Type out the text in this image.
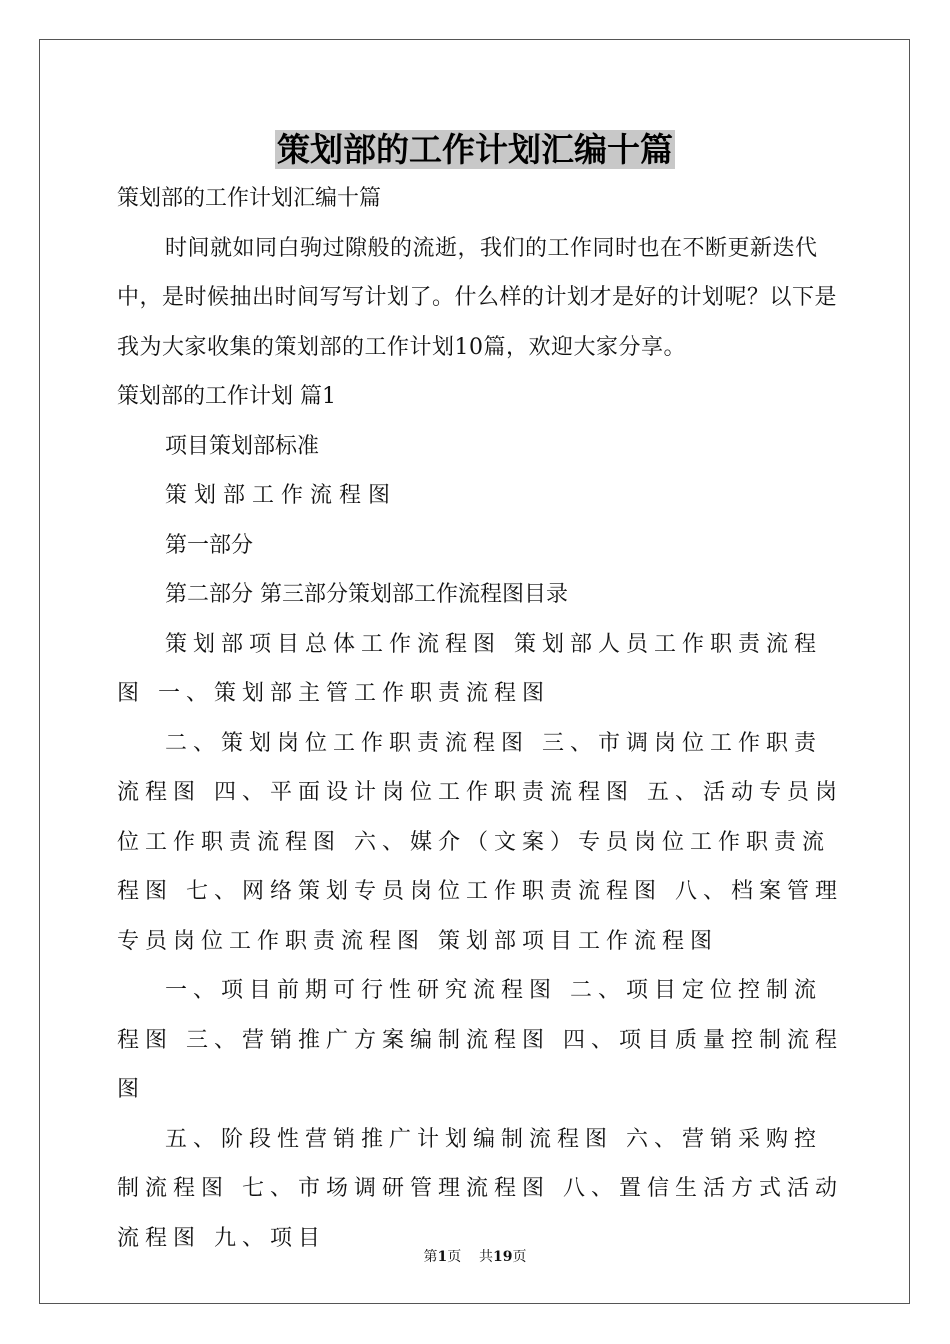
策划部的工作计划汇编十篇

策划部的工作计划汇编十篇

时间就如同白驹过隙般的流逝，我们的工作同时也在不断更新迭代中，是时候抽出时间写写计划了。什么样的计划才是好的计划呢？以下是我为大家收集的策划部的工作计划10篇，欢迎大家分享。

策划部的工作计划 篇1

项目策划部标准

策 划 部 工 作 流 程 图

第一部分

第二部分 第三部分策划部工作流程图目录

策划部项目总体工作流程图 策划部人员工作职责流程图 一、策划部主管工作职责流程图

二、策划岗位工作职责流程图 三、市调岗位工作职责流程图 四、平面设计岗位工作职责流程图 五、活动专员岗位工作职责流程图 六、媒介（文案）专员岗位工作职责流程图 七、网络策划专员岗位工作职责流程图 八、档案管理专员岗位工作职责流程图 策划部项目工作流程图

一、项目前期可行性研究流程图 二、项目定位控制流程图 三、营销推广方案编制流程图 四、项目质量控制流程图

五、阶段性营销推广计划编制流程图 六、营销采购控制流程图 七、市场调研管理流程图 八、置信生活方式活动流程图 九、项目

第1页 共19页
